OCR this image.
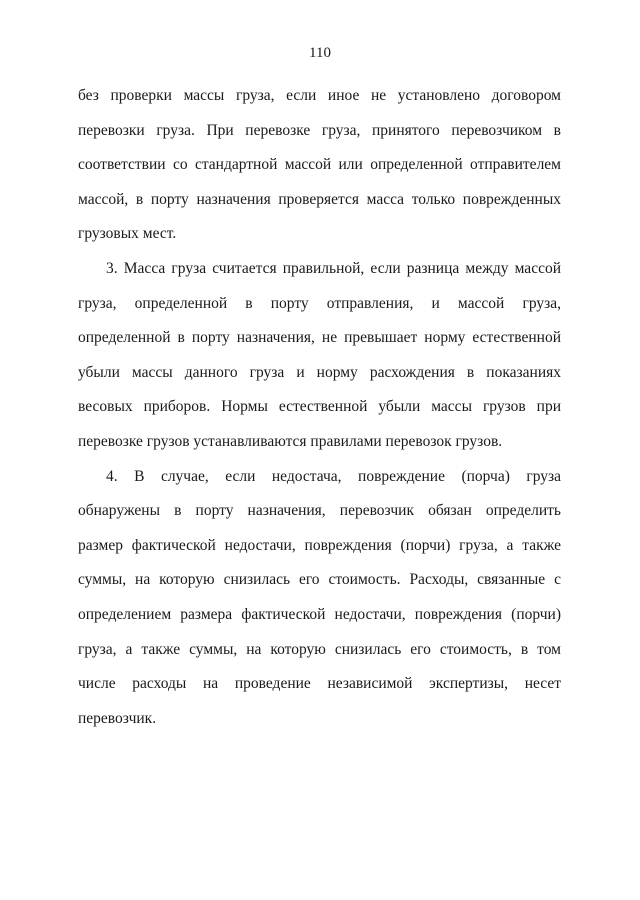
110
без проверки массы груза, если иное не установлено договором
перевозки груза. При перевозке груза, принятого перевозчиком в
соответствии со стандартной массой или определенной отправителем
массой, в порту назначения проверяется масса только поврежденных
грузовых мест.
3. Масса груза считается правильной, если разница между массой
груза, определенной в порту отправления, и массой груза,
определенной в порту назначения, не превышает норму естественной
убыли массы данного груза и норму расхождения в показаниях
весовых приборов. Нормы естественной убыли массы грузов при
перевозке грузов устанавливаются правилами перевозок грузов.
4. В случае, если недостача, повреждение (порча) груза
обнаружены в порту назначения, перевозчик обязан определить
размер фактической недостачи, повреждения (порчи) груза, а также
суммы, на которую снизилась его стоимость. Расходы, связанные с
определением размера фактической недостачи, повреждения (порчи)
груза, а также суммы, на которую снизилась его стоимость, в том
числе расходы на проведение независимой экспертизы, несет
перевозчик.
